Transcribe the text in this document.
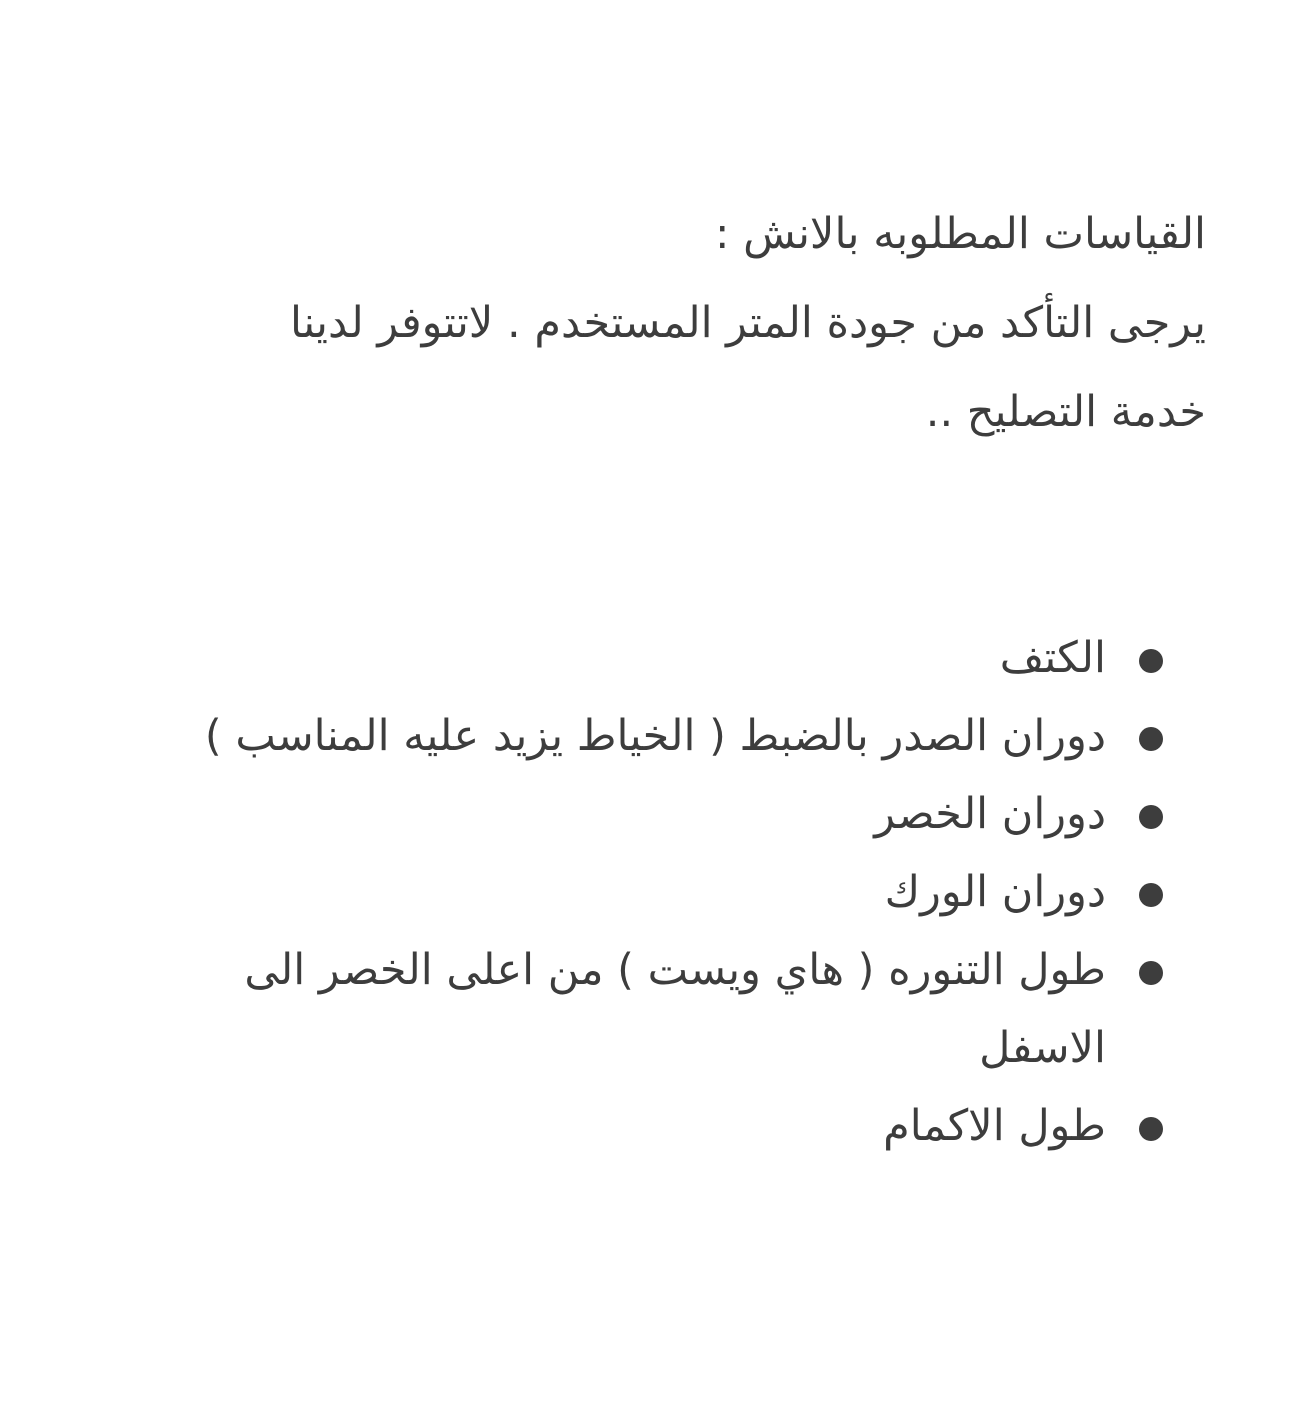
القياسات المطلوبه بالانش :
يرجى التأكد من جودة المتر المستخدم . لاتتوفر لدينا
خدمة التصليح ..
الكتف
دوران الصدر بالضبط ( الخياط يزيد عليه المناسب )
دوران الخصر
دوران الورك
طول التنوره ( هاي ويست ) من اعلى الخصر الى
الاسفل
طول الاكمام
